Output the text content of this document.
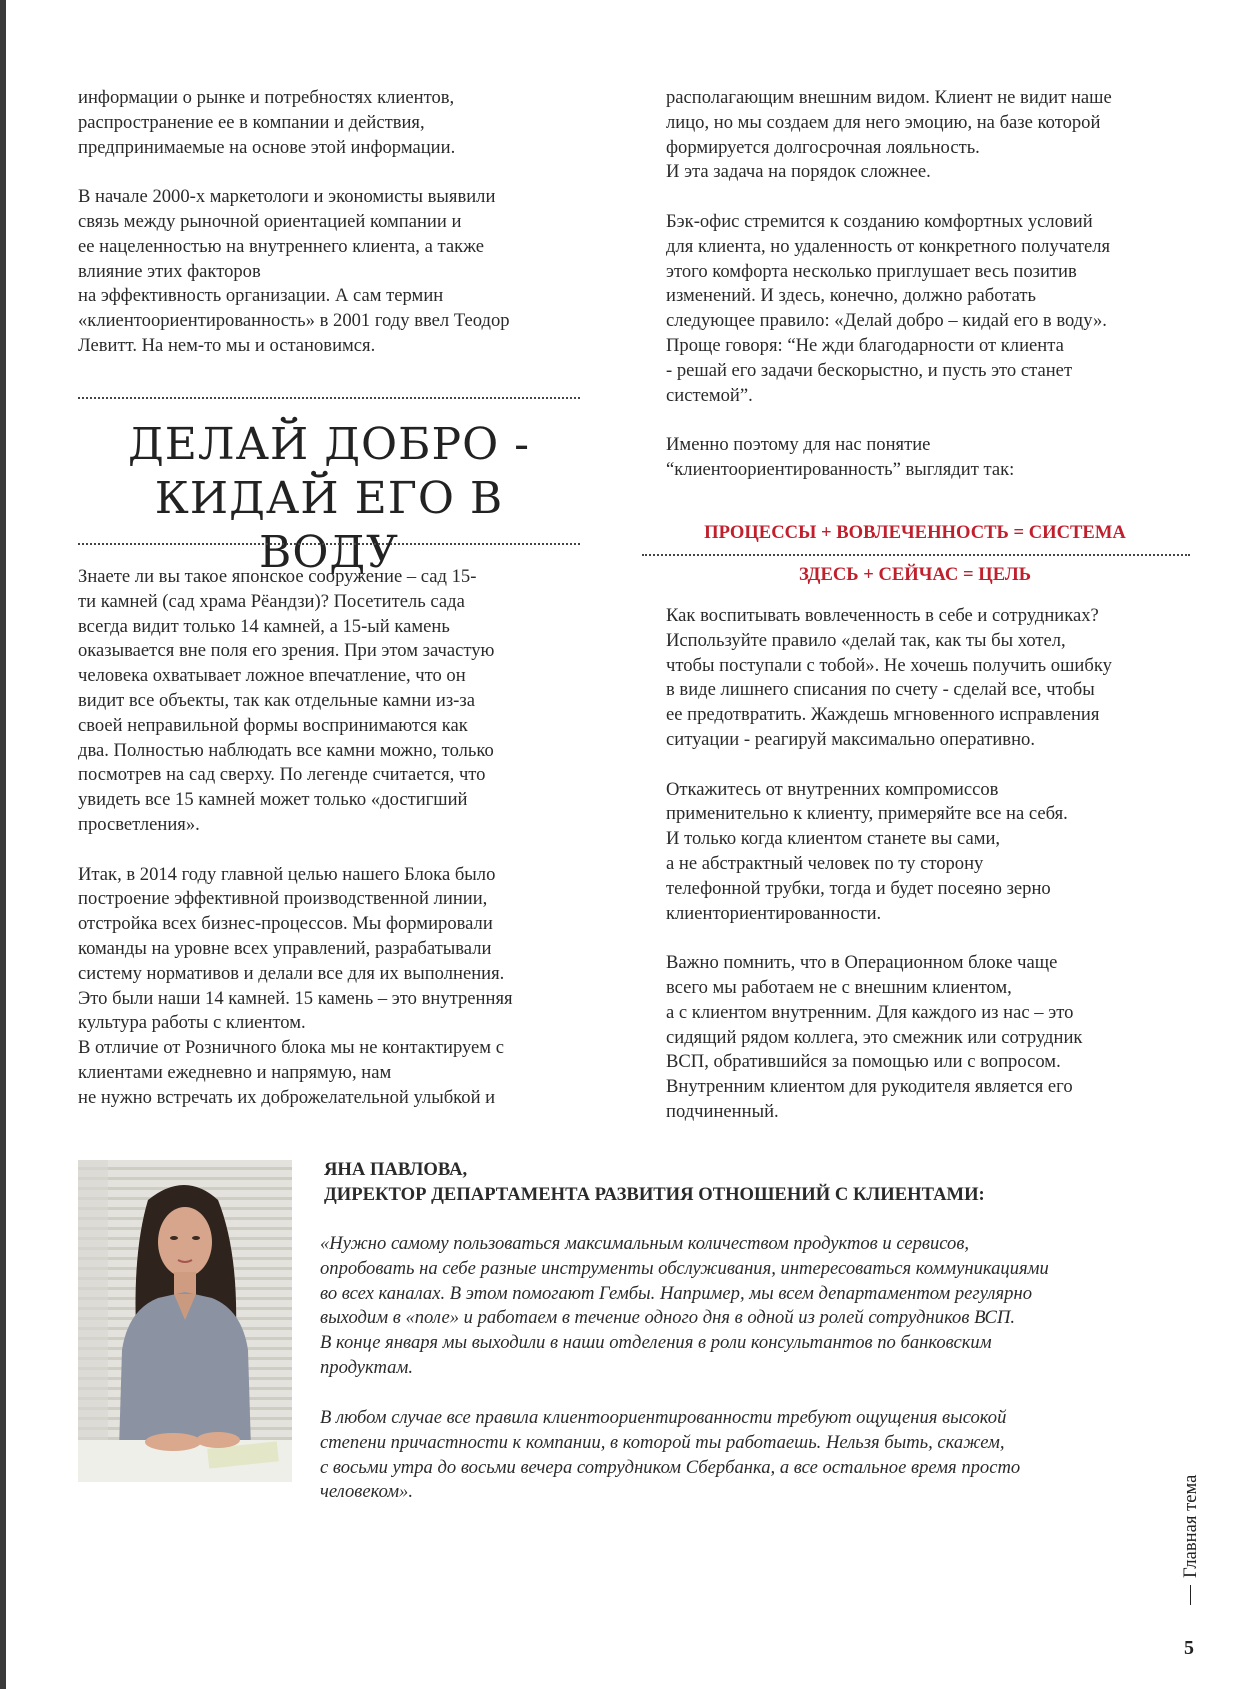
информации о рынке и потребностях клиентов,
распространение ее в компании и действия,
предпринимаемые на основе этой информации.

В начале 2000-х маркетологи и экономисты выявили
связь между рыночной ориентацией компании и
ее нацеленностью на внутреннего клиента, а также
влияние этих факторов
на эффективность организации. А сам термин
«клиентоориентированность» в 2001 году ввел Теодор
Левитт. На нем-то мы и остановимся.

ДЕЛАЙ ДОБРО -
КИДАЙ ЕГО В ВОДУ

Знаете ли вы такое японское сооружение – сад 15-
ти камней (сад храма Рёандзи)? Посетитель сада
всегда видит только 14 камней, а 15-ый камень
оказывается вне поля его зрения. При этом зачастую
человека охватывает ложное впечатление, что он
видит все объекты, так как отдельные камни из-за
своей неправильной формы воспринимаются как
два. Полностью наблюдать все камни можно, только
посмотрев на сад сверху. По легенде считается, что
увидеть все 15 камней может только «достигший
просветления».

Итак, в 2014 году главной целью нашего Блока было
построение эффективной производственной линии,
отстройка всех бизнес-процессов. Мы формировали
команды на уровне всех управлений, разрабатывали
систему нормативов и делали все для их выполнения.
Это были наши 14 камней. 15 камень – это внутренняя
культура работы с клиентом.
В отличие от Розничного блока мы не контактируем с
клиентами ежедневно и напрямую, нам
не нужно встречать их доброжелательной улыбкой и

располагающим внешним видом. Клиент не видит наше
лицо, но мы создаем для него эмоцию, на базе которой
формируется долгосрочная лояльность.
И эта задача на порядок сложнее.

Бэк-офис стремится к созданию комфортных условий
для клиента, но удаленность от конкретного получателя
этого комфорта несколько приглушает весь позитив
изменений. И здесь, конечно, должно работать
следующее правило: «Делай добро – кидай его в воду».
Проще говоря: “Не жди благодарности от клиента
- решай его задачи бескорыстно, и пусть это станет
системой”.

Именно поэтому для нас понятие
“клиентоориентированность” выглядит так:

ПРОЦЕССЫ + ВОВЛЕЧЕННОСТЬ = СИСТЕМА
ЗДЕСЬ + СЕЙЧАС = ЦЕЛЬ

Как воспитывать вовлеченность в себе и сотрудниках?
Используйте правило «делай так, как ты бы хотел,
чтобы поступали с тобой». Не хочешь получить ошибку
в виде лишнего списания по счету - сделай все, чтобы
ее предотвратить. Жаждешь мгновенного исправления
ситуации - реагируй максимально оперативно.

Откажитесь от внутренних компромиссов
применительно к клиенту, примеряйте все на себя.
И только когда клиентом станете вы сами,
а не абстрактный человек по ту сторону
телефонной трубки, тогда и будет посеяно зерно
клиенториентированности.

Важно помнить, что в Операционном блоке чаще
всего мы работаем не с внешним клиентом,
а с клиентом внутренним. Для каждого из нас – это
сидящий рядом коллега, это смежник или сотрудник
ВСП, обратившийся за помощью или с вопросом.
Внутренним клиентом для рукодителя является его
подчиненный.

ЯНА ПАВЛОВА,
ДИРЕКТОР ДЕПАРТАМЕНТА РАЗВИТИЯ ОТНОШЕНИЙ С КЛИЕНТАМИ:

«Нужно самому пользоваться максимальным количеством продуктов и сервисов,
опробовать на себе разные инструменты обслуживания, интересоваться коммуникациями
во всех каналах. В этом помогают Гембы. Например, мы всем департаментом регулярно
выходим в «поле» и работаем в течение одного дня в одной из ролей сотрудников ВСП.
В конце января мы выходили в наши отделения в роли консультантов по банковским
продуктам.

В любом случае все правила клиентоориентированности требуют ощущения высокой
степени причастности к компании, в которой ты работаешь. Нельзя быть, скажем,
с восьми утра до восьми вечера сотрудником Сбербанка, а все остальное время просто
человеком».	Главная тема
5
